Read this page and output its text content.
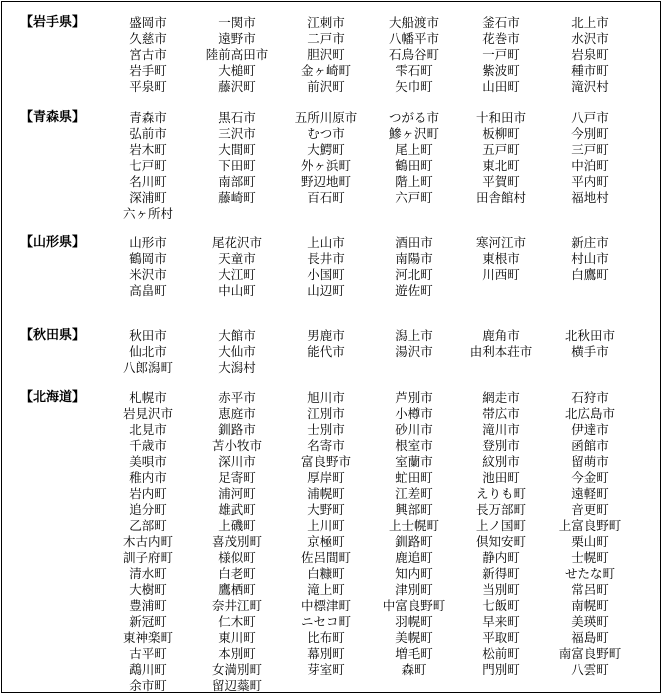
【岩手県】	盛岡市	一関市	江刺市	大船渡市	釜石市	北上市
久慈市	遠野市	二戸市	八幡平市	花巻市	水沢市
宮古市	陸前高田市	胆沢町	石鳥谷町	一戸町	岩泉町
岩手町	大槌町	金ヶ崎町	雫石町	紫波町	種市町
平泉町	藤沢町	前沢町	矢巾町	山田町	滝沢村
【青森県】	青森市	黒石市	五所川原市	つがる市	十和田市	八戸市
弘前市	三沢市	むつ市	鰺ヶ沢町	板柳町	今別町
岩木町	大間町	大鰐町	尾上町	五戸町	三戸町
七戸町	下田町	外ヶ浜町	鶴田町	東北町	中泊町
名川町	南部町	野辺地町	階上町	平賀町	平内町
深浦町	藤崎町	百石町	六戸町	田舎館村	福地村
六ヶ所村
【山形県】	山形市	尾花沢市	上山市	酒田市	寒河江市	新庄市
鶴岡市	天童市	長井市	南陽市	東根市	村山市
米沢市	大江町	小国町	河北町	川西町	白鷹町
高畠町	中山町	山辺町	遊佐町
【秋田県】	秋田市	大館市	男鹿市	潟上市	鹿角市	北秋田市
仙北市	大仙市	能代市	湯沢市	由利本荘市	横手市
八郎潟町	大潟村
【北海道】	札幌市	赤平市	旭川市	芦別市	網走市	石狩市
岩見沢市	恵庭市	江別市	小樽市	帯広市	北広島市
北見市	釧路市	士別市	砂川市	滝川市	伊達市
千歳市	苫小牧市	名寄市	根室市	登別市	函館市
美唄市	深川市	富良野市	室蘭市	紋別市	留萌市
稚内市	足寄町	厚岸町	虻田町	池田町	今金町
岩内町	浦河町	浦幌町	江差町	えりも町	遠軽町
追分町	雄武町	大野町	興部町	長万部町	音更町
乙部町	上磯町	上川町	上士幌町	上ノ国町	上富良野町
木古内町	喜茂別町	京極町	釧路町	倶知安町	栗山町
訓子府町	様似町	佐呂間町	鹿追町	静内町	士幌町
清水町	白老町	白糠町	知内町	新得町	せたな町
大樹町	鷹栖町	滝上町	津別町	当別町	常呂町
豊浦町	奈井江町	中標津町	中富良野町	七飯町	南幌町
新冠町	仁木町	ニセコ町	羽幌町	早来町	美瑛町
東神楽町	東川町	比布町	美幌町	平取町	福島町
古平町	本別町	幕別町	増毛町	松前町	南富良野町
鵡川町	女満別町	芽室町	森町	門別町	八雲町
余市町	留辺蘂町
